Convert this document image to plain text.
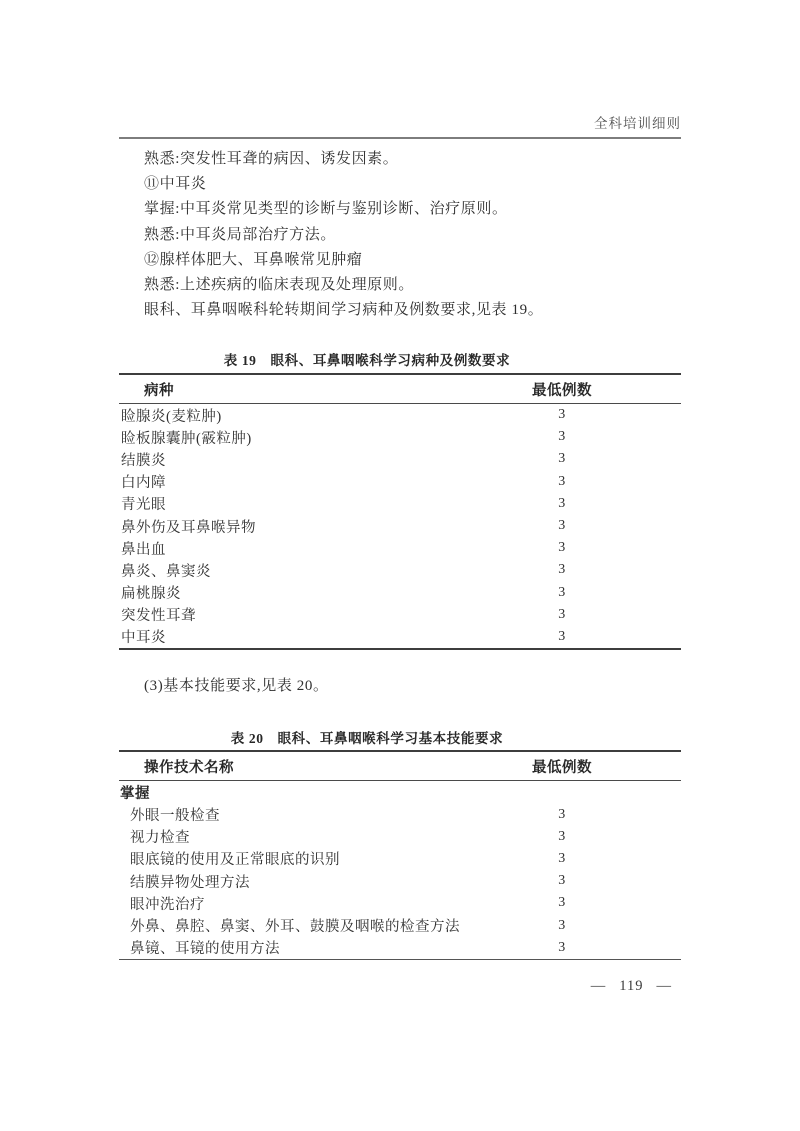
全科培训细则
熟悉:突发性耳聋的病因、诱发因素。
⑪中耳炎
掌握:中耳炎常见类型的诊断与鉴别诊断、治疗原则。
熟悉:中耳炎局部治疗方法。
⑫腺样体肥大、耳鼻喉常见肿瘤
熟悉:上述疾病的临床表现及处理原则。
眼科、耳鼻咽喉科轮转期间学习病种及例数要求,见表 19。
表 19 眼科、耳鼻咽喉科学习病种及例数要求
病种	最低例数
睑腺炎(麦粒肿)	3
睑板腺囊肿(霰粒肿)	3
结膜炎	3
白内障	3
青光眼	3
鼻外伤及耳鼻喉异物	3
鼻出血	3
鼻炎、鼻窦炎	3
扁桃腺炎	3
突发性耳聋	3
中耳炎	3

(3)基本技能要求,见表 20。

表 20 眼科、耳鼻咽喉科学习基本技能要求
操作技术名称	最低例数
掌握
外眼一般检查	3
视力检查	3
眼底镜的使用及正常眼底的识别	3
结膜异物处理方法	3
眼冲洗治疗	3
外鼻、鼻腔、鼻窦、外耳、鼓膜及咽喉的检查方法	3
鼻镜、耳镜的使用方法	3
— 119 —
